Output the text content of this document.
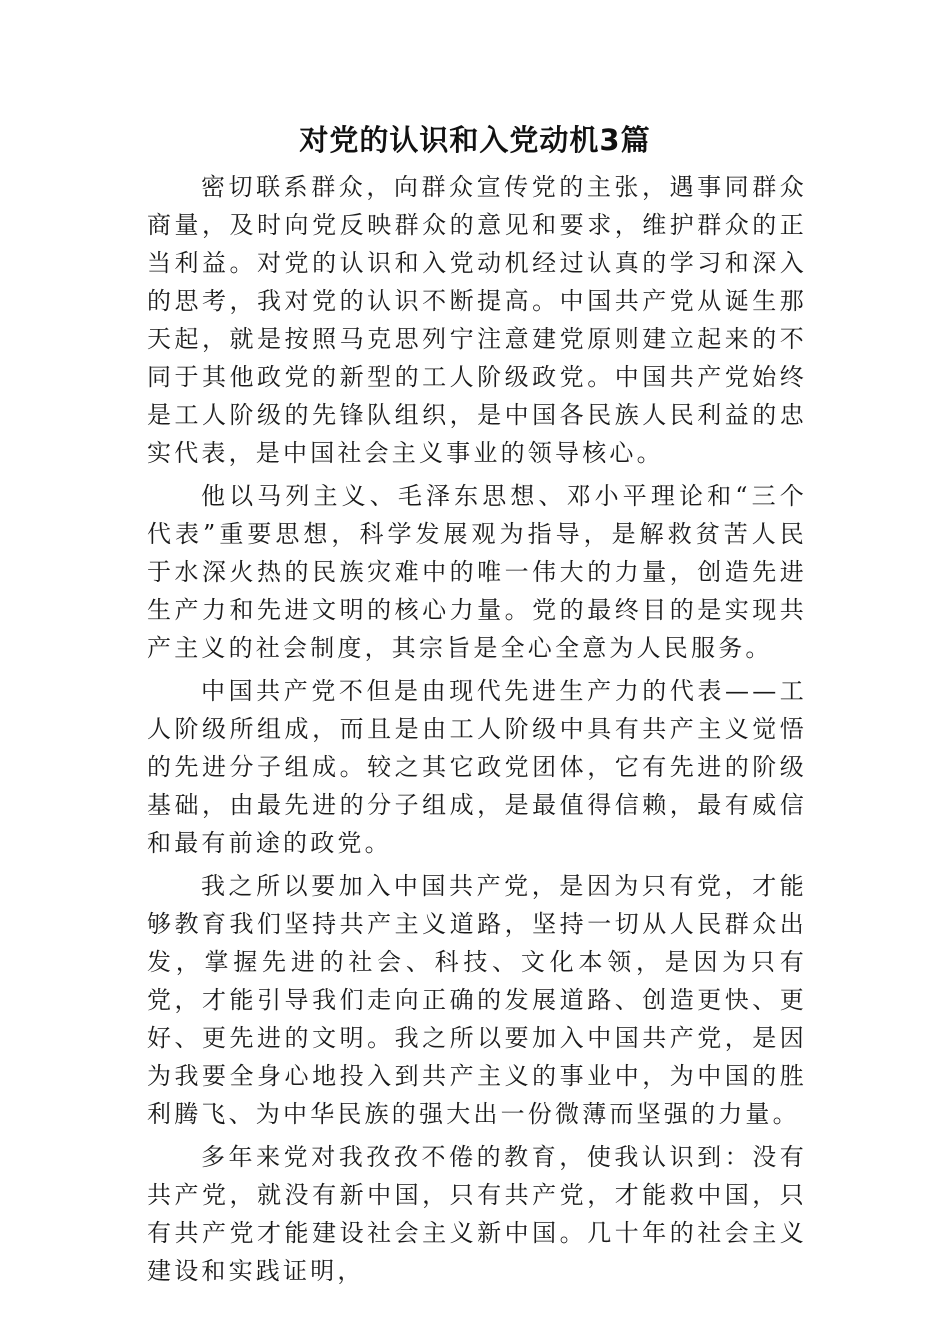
对党的认识和入党动机3篇

密切联系群众，向群众宣传党的主张，遇事同群众商量，及时向党反映群众的意见和要求，维护群众的正当利益。对党的认识和入党动机经过认真的学习和深入的思考，我对党的认识不断提高。中国共产党从诞生那天起，就是按照马克思列宁注意建党原则建立起来的不同于其他政党的新型的工人阶级政党。中国共产党始终是工人阶级的先锋队组织，是中国各民族人民利益的忠实代表，是中国社会主义事业的领导核心。

他以马列主义、毛泽东思想、邓小平理论和“三个代表”重要思想，科学发展观为指导，是解救贫苦人民于水深火热的民族灾难中的唯一伟大的力量，创造先进生产力和先进文明的核心力量。党的最终目的是实现共产主义的社会制度，其宗旨是全心全意为人民服务。

中国共产党不但是由现代先进生产力的代表——工人阶级所组成，而且是由工人阶级中具有共产主义觉悟的先进分子组成。较之其它政党团体，它有先进的阶级基础，由最先进的分子组成，是最值得信赖，最有威信和最有前途的政党。

我之所以要加入中国共产党，是因为只有党，才能够教育我们坚持共产主义道路，坚持一切从人民群众出发，掌握先进的社会、科技、文化本领，是因为只有党，才能引导我们走向正确的发展道路、创造更快、更好、更先进的文明。我之所以要加入中国共产党，是因为我要全身心地投入到共产主义的事业中，为中国的胜利腾飞、为中华民族的强大出一份微薄而坚强的力量。

多年来党对我孜孜不倦的教育，使我认识到：没有共产党，就没有新中国，只有共产党，才能救中国，只有共产党才能建设社会主义新中国。几十年的社会主义建设和实践证明，
